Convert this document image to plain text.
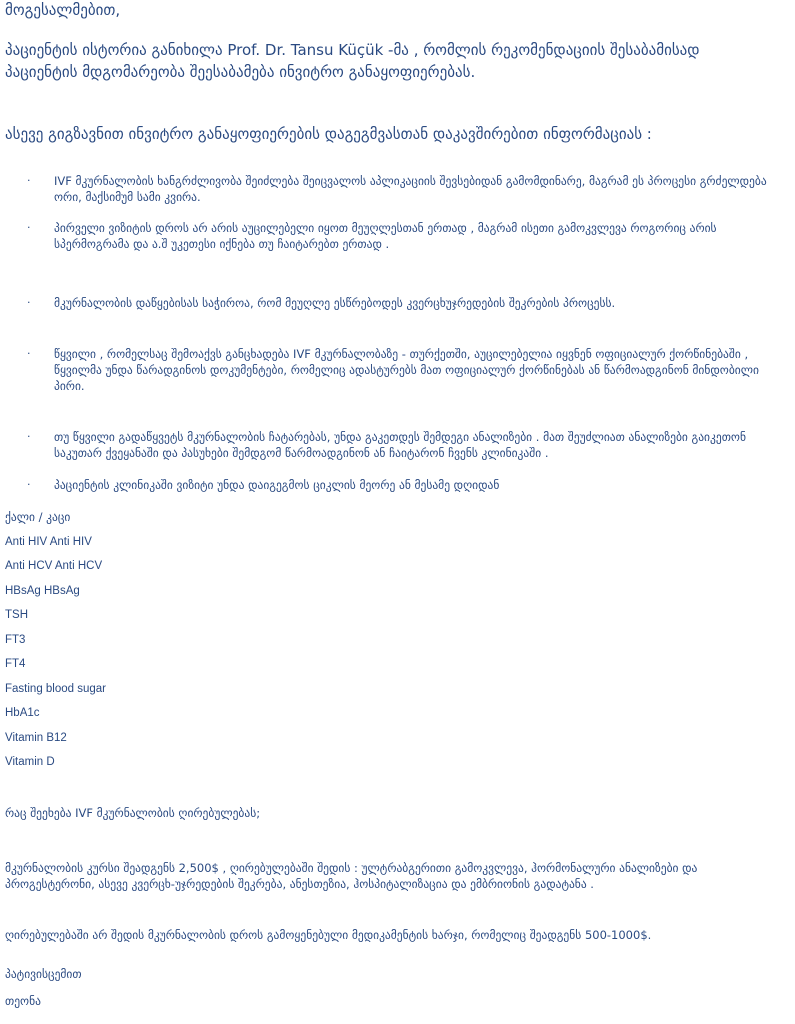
მოგესალმებით,

პაციენტის ისტორია განიხილა Prof. Dr. Tansu Küçük -მა , რომლის რეკომენდაციის შესაბამისად პაციენტის მდგომარეობა შეესაბამება ინვიტრო განაყოფიერებას.

ასევე გიგზავნით ინვიტრო განაყოფიერების დაგეგმვასთან დაკავშირებით ინფორმაციას :

· IVF მკურნალობის ხანგრძლივობა შეიძლება შეიცვალოს აპლიკაციის შევსებიდან გამომდინარე, მაგრამ ეს პროცესი გრძელდება ორი, მაქსიმუმ სამი კვირა.
· პირველი ვიზიტის დროს არ არის აუცილებელი იყოთ მეუღლესთან ერთად , მაგრამ ისეთი გამოკვლევა როგორიც არის სპერმოგრამა და ა.შ უკეთესი იქნება თუ ჩაიტარებთ ერთად .
· მკურნალობის დაწყებისას საჭიროა, რომ მეუღლე ესწრებოდეს კვერცხუჯრედების შეკრების პროცესს.
· წყვილი , რომელსაც შემოაქვს განცხადება IVF მკურნალობაზე - თურქეთში, აუცილებელია იყვნენ ოფიციალურ ქორწინებაში , წყვილმა უნდა წარადგინოს დოკუმენტები, რომელიც ადასტურებს მათ ოფიციალურ ქორწინებას ან წარმოადგინონ მინდობილი პირი.
· თუ წყვილი გადაწყვეტს მკურნალობის ჩატარებას, უნდა გაკეთდეს შემდეგი ანალიზები . მათ შეუძლიათ ანალიზები გაიკეთონ საკუთარ ქვეყანაში და პასუხები შემდგომ წარმოადგინონ ან ჩაიტარონ ჩვენს კლინიკაში .
· პაციენტის კლინიკაში ვიზიტი უნდა დაიგეგმოს ციკლის მეორე ან მესამე დღიდან
ქალი / კაცი
Anti HIV Anti HIV
Anti HCV Anti HCV
HBsAg HBsAg
TSH
FT3
FT4
Fasting blood sugar
HbA1c
Vitamin B12
Vitamin D

რაც შეეხება IVF მკურნალობის ღირებულებას;

მკურნალობის კურსი შეადგენს 2,500$ , ღირებულებაში შედის : ულტრაბგერითი გამოკვლევა, ჰორმონალური ანალიზები და პროგესტერონი, ასევე კვერცხ-უჯრედების შეკრება, ანესთეზია, ჰოსპიტალიზაცია და ემბრიონის გადატანა .

ღირებულებაში არ შედის მკურნალობის დროს გამოყენებული მედიკამენტის ხარჯი, რომელიც შეადგენს 500-1000$.

პატივისცემით

თეონა
